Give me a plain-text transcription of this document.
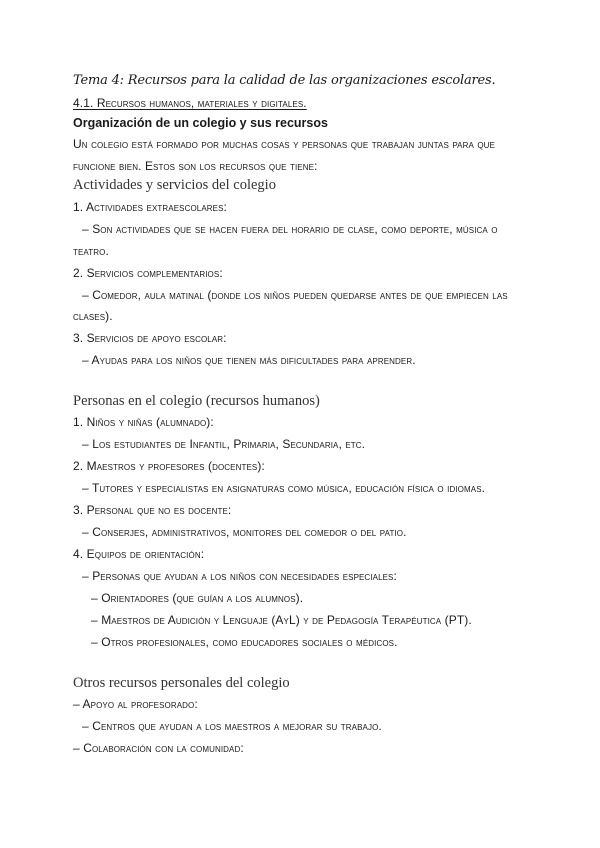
Tema 4: Recursos para la calidad de las organizaciones escolares.
4.1. Recursos humanos, materiales y digitales.
Organización de un colegio y sus recursos
Un colegio está formado por muchas cosas y personas que trabajan juntas para que
funcione bien. Estos son los recursos que tiene:
Actividades y servicios del colegio
1. Actividades extraescolares:
– Son actividades que se hacen fuera del horario de clase, como deporte, música o
teatro.
2. Servicios complementarios:
– Comedor, aula matinal (donde los niños pueden quedarse antes de que empiecen las
clases).
3. Servicios de apoyo escolar:
– Ayudas para los niños que tienen más dificultades para aprender.
Personas en el colegio (recursos humanos)
1. Niños y niñas (alumnado):
– Los estudiantes de Infantil, Primaria, Secundaria, etc.
2. Maestros y profesores (docentes):
– Tutores y especialistas en asignaturas como música, educación física o idiomas.
3. Personal que no es docente:
– Conserjes, administrativos, monitores del comedor o del patio.
4. Equipos de orientación:
– Personas que ayudan a los niños con necesidades especiales:
– Orientadores (que guían a los alumnos).
– Maestros de Audición y Lenguaje (AyL) y de Pedagogía Terapéutica (PT).
– Otros profesionales, como educadores sociales o médicos.
Otros recursos personales del colegio
– Apoyo al profesorado:
– Centros que ayudan a los maestros a mejorar su trabajo.
– Colaboración con la comunidad:
